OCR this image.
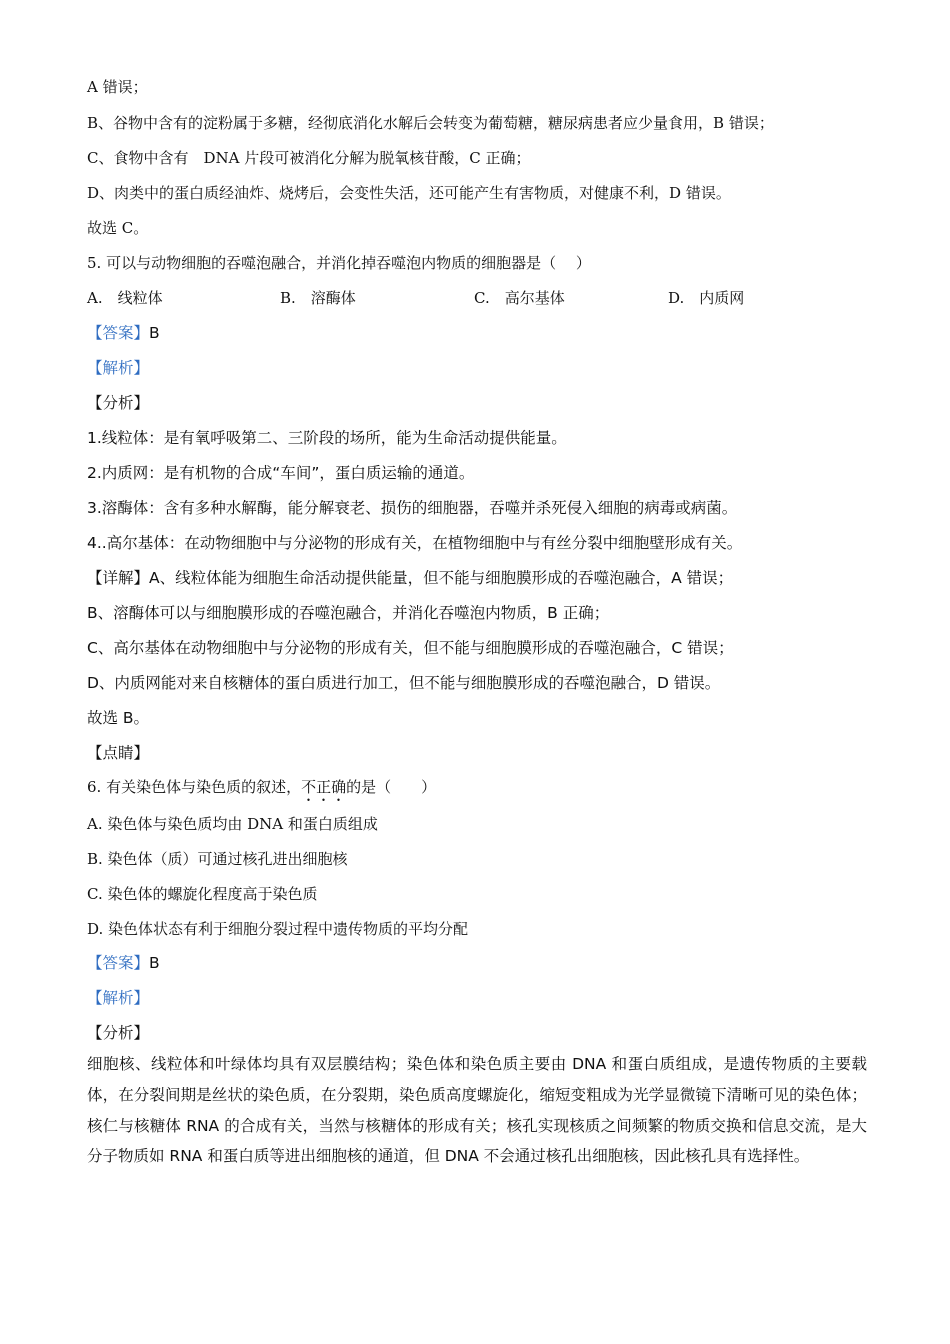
A 错误；
B、谷物中含有的淀粉属于多糖，经彻底消化水解后会转变为葡萄糖，糖尿病患者应少量食用，B 错误；
C、食物中含有　DNA 片段可被消化分解为脱氧核苷酸，C 正确；
D、肉类中的蛋白质经油炸、烧烤后，会变性失活，还可能产生有害物质，对健康不利，D 错误。
故选 C。
5. 可以与动物细胞的吞噬泡融合，并消化掉吞噬泡内物质的细胞器是（　 ）
A.　线粒体	B.　溶酶体	C.　高尔基体	D.　内质网
【答案】B
【解析】
【分析】
1.线粒体：是有氧呼吸第二、三阶段的场所，能为生命活动提供能量。
2.内质网：是有机物的合成“车间”，蛋白质运输的通道。
3.溶酶体：含有多种水解酶，能分解衰老、损伤的细胞器，吞噬并杀死侵入细胞的病毒或病菌。
4..高尔基体：在动物细胞中与分泌物的形成有关，在植物细胞中与有丝分裂中细胞壁形成有关。
【详解】A、线粒体能为细胞生命活动提供能量，但不能与细胞膜形成的吞噬泡融合，A 错误；
B、溶酶体可以与细胞膜形成的吞噬泡融合，并消化吞噬泡内物质，B 正确；
C、高尔基体在动物细胞中与分泌物的形成有关，但不能与细胞膜形成的吞噬泡融合，C 错误；
D、内质网能对来自核糖体的蛋白质进行加工，但不能与细胞膜形成的吞噬泡融合，D 错误。
故选 B。
【点睛】
6. 有关染色体与染色质的叙述，不正确的是（　　）
A. 染色体与染色质均由 DNA 和蛋白质组成
B. 染色体（质）可通过核孔进出细胞核
C. 染色体的螺旋化程度高于染色质
D. 染色体状态有利于细胞分裂过程中遗传物质的平均分配
【答案】B
【解析】
【分析】
细胞核、线粒体和叶绿体均具有双层膜结构；染色体和染色质主要由 DNA 和蛋白质组成，是遗传物质的主要载体，在分裂间期是丝状的染色质，在分裂期，染色质高度螺旋化，缩短变粗成为光学显微镜下清晰可见的染色体；核仁与核糖体 RNA 的合成有关，当然与核糖体的形成有关；核孔实现核质之间频繁的物质交换和信息交流，是大分子物质如 RNA 和蛋白质等进出细胞核的通道，但 DNA 不会通过核孔出细胞核，因此核孔具有选择性。
